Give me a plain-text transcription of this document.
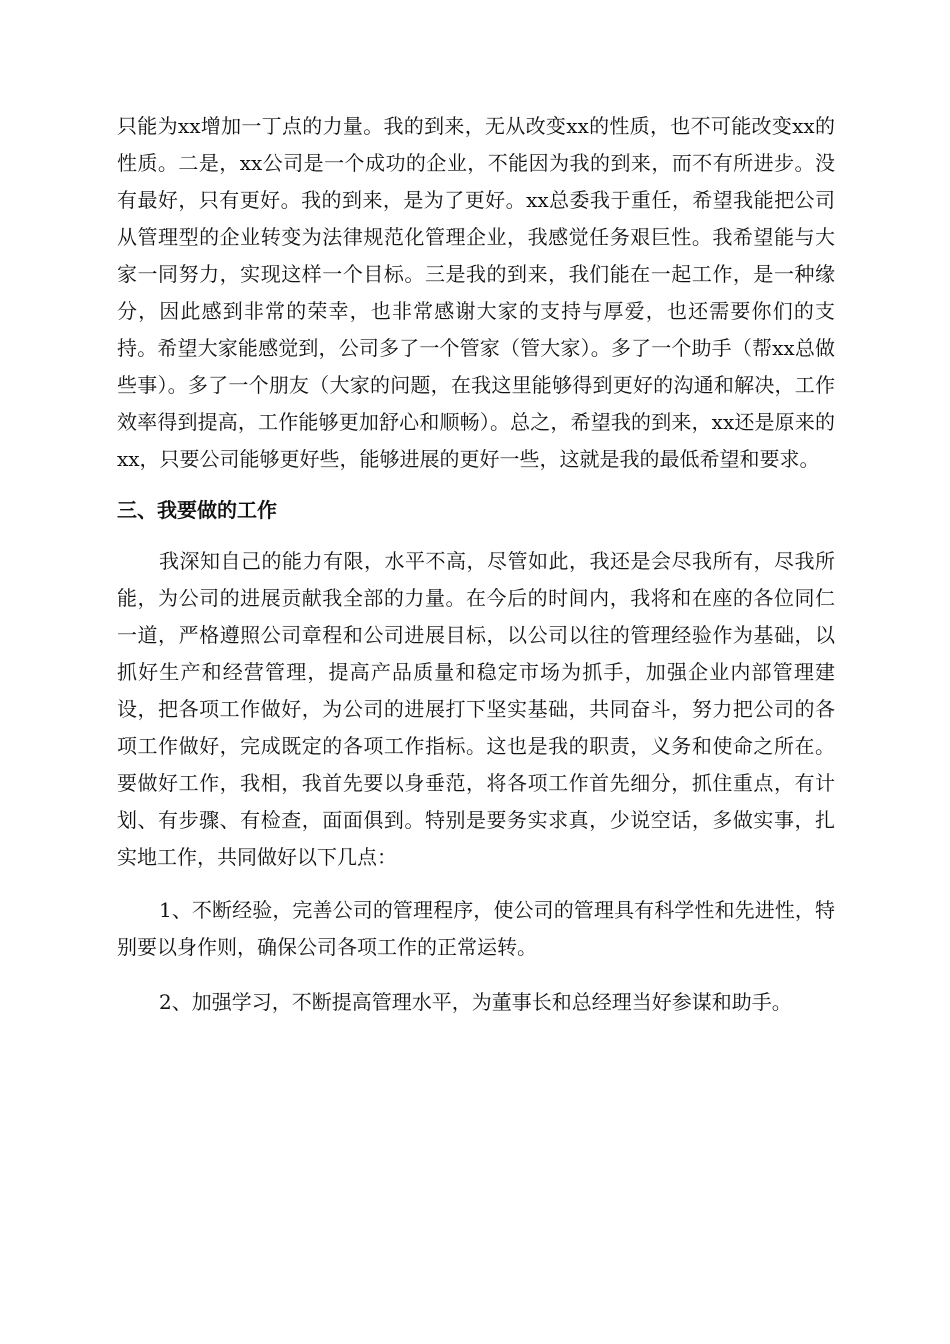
只能为xx增加一丁点的力量。我的到来，无从改变xx的性质，也不可能改变xx的性质。二是，xx公司是一个成功的企业，不能因为我的到来，而不有所进步。没有最好，只有更好。我的到来，是为了更好。xx总委我于重任，希望我能把公司从管理型的企业转变为法律规范化管理企业，我感觉任务艰巨性。我希望能与大家一同努力，实现这样一个目标。三是我的到来，我们能在一起工作，是一种缘分，因此感到非常的荣幸，也非常感谢大家的支持与厚爱，也还需要你们的支持。希望大家能感觉到，公司多了一个管家（管大家）。多了一个助手（帮xx总做些事）。多了一个朋友（大家的问题，在我这里能够得到更好的沟通和解决，工作效率得到提高，工作能够更加舒心和顺畅）。总之，希望我的到来，xx还是原来的xx，只要公司能够更好些，能够进展的更好一些，这就是我的最低希望和要求。

三、我要做的工作

我深知自己的能力有限，水平不高，尽管如此，我还是会尽我所有，尽我所能，为公司的进展贡献我全部的力量。在今后的时间内，我将和在座的各位同仁一道，严格遵照公司章程和公司进展目标，以公司以往的管理经验作为基础，以抓好生产和经营管理，提高产品质量和稳定市场为抓手，加强企业内部管理建设，把各项工作做好，为公司的进展打下坚实基础，共同奋斗，努力把公司的各项工作做好，完成既定的各项工作指标。这也是我的职责，义务和使命之所在。要做好工作，我相，我首先要以身垂范，将各项工作首先细分，抓住重点，有计划、有步骤、有检查，面面俱到。特别是要务实求真，少说空话，多做实事，扎实地工作，共同做好以下几点：

1、不断经验，完善公司的管理程序，使公司的管理具有科学性和先进性，特别要以身作则，确保公司各项工作的正常运转。

2、加强学习，不断提高管理水平，为董事长和总经理当好参谋和助手。
